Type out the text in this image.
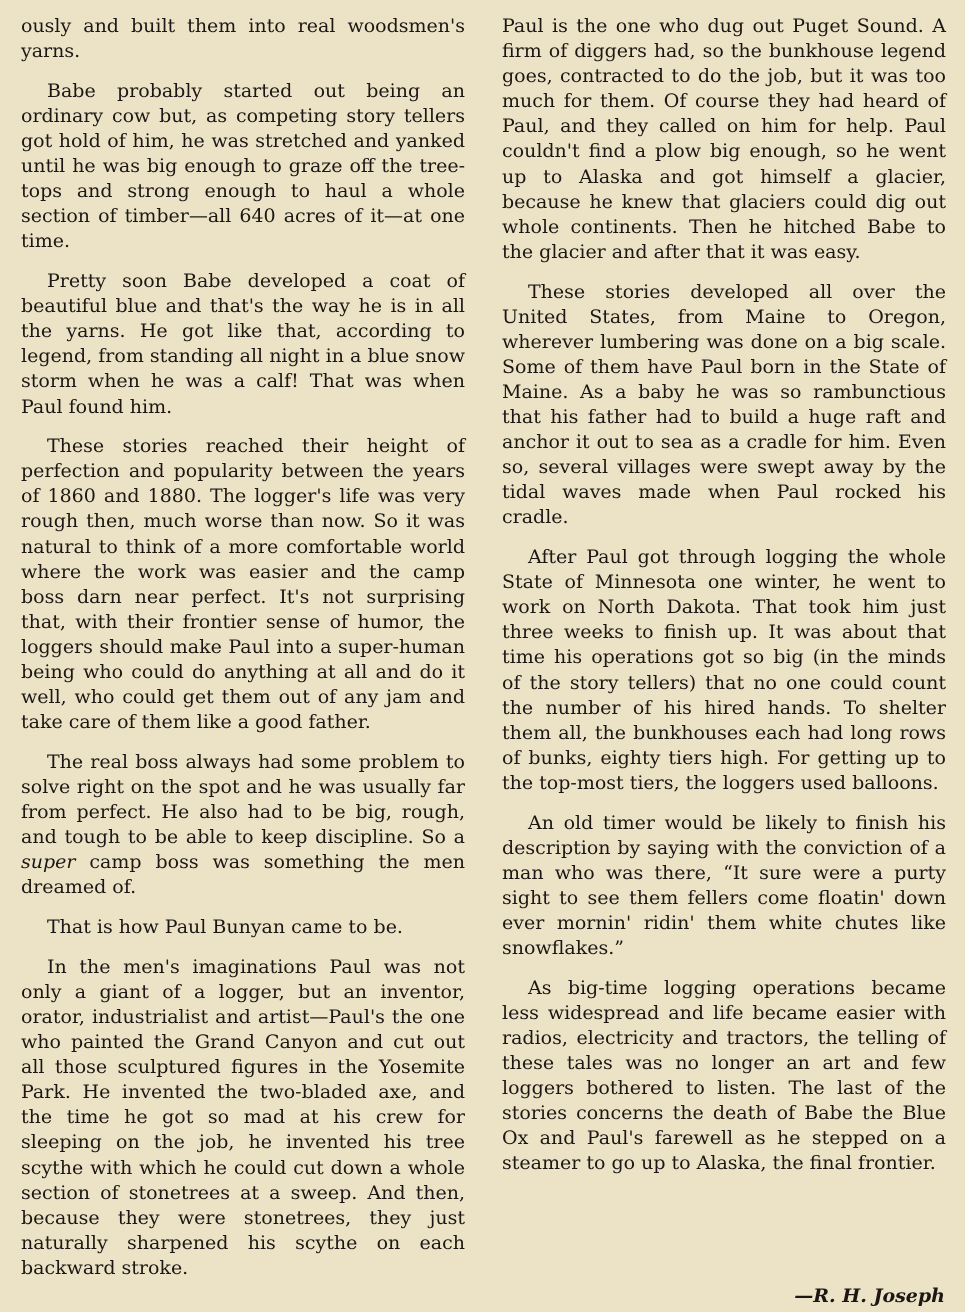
ously and built them into real woodsmen's yarns.

Babe probably started out being an ordinary cow but, as competing story tellers got hold of him, he was stretched and yanked until he was big enough to graze off the tree-tops and strong enough to haul a whole section of timber—all 640 acres of it—at one time.

Pretty soon Babe developed a coat of beautiful blue and that's the way he is in all the yarns. He got like that, according to legend, from standing all night in a blue snow storm when he was a calf! That was when Paul found him.

These stories reached their height of perfection and popularity between the years of 1860 and 1880. The logger's life was very rough then, much worse than now. So it was natural to think of a more comfortable world where the work was easier and the camp boss darn near perfect. It's not surprising that, with their frontier sense of humor, the loggers should make Paul into a super-human being who could do anything at all and do it well, who could get them out of any jam and take care of them like a good father.

The real boss always had some problem to solve right on the spot and he was usually far from perfect. He also had to be big, rough, and tough to be able to keep discipline. So a super camp boss was something the men dreamed of.

That is how Paul Bunyan came to be.

In the men's imaginations Paul was not only a giant of a logger, but an inventor, orator, industrialist and artist—Paul's the one who painted the Grand Canyon and cut out all those sculptured figures in the Yosemite Park. He invented the two-bladed axe, and the time he got so mad at his crew for sleeping on the job, he invented his tree scythe with which he could cut down a whole section of stonetrees at a sweep. And then, because they were stonetrees, they just naturally sharpened his scythe on each backward stroke.

Paul is the one who dug out Puget Sound. A firm of diggers had, so the bunkhouse legend goes, contracted to do the job, but it was too much for them. Of course they had heard of Paul, and they called on him for help. Paul couldn't find a plow big enough, so he went up to Alaska and got himself a glacier, because he knew that glaciers could dig out whole continents. Then he hitched Babe to the glacier and after that it was easy.

These stories developed all over the United States, from Maine to Oregon, wherever lumbering was done on a big scale. Some of them have Paul born in the State of Maine. As a baby he was so rambunctious that his father had to build a huge raft and anchor it out to sea as a cradle for him. Even so, several villages were swept away by the tidal waves made when Paul rocked his cradle.

After Paul got through logging the whole State of Minnesota one winter, he went to work on North Dakota. That took him just three weeks to finish up. It was about that time his operations got so big (in the minds of the story tellers) that no one could count the number of his hired hands. To shelter them all, the bunkhouses each had long rows of bunks, eighty tiers high. For getting up to the top-most tiers, the loggers used balloons.

An old timer would be likely to finish his description by saying with the conviction of a man who was there, “It sure were a purty sight to see them fellers come floatin' down ever mornin' ridin' them white chutes like snowflakes.”

As big-time logging operations became less widespread and life became easier with radios, electricity and tractors, the telling of these tales was no longer an art and few loggers bothered to listen. The last of the stories concerns the death of Babe the Blue Ox and Paul's farewell as he stepped on a steamer to go up to Alaska, the final frontier.

—R. H. Joseph
